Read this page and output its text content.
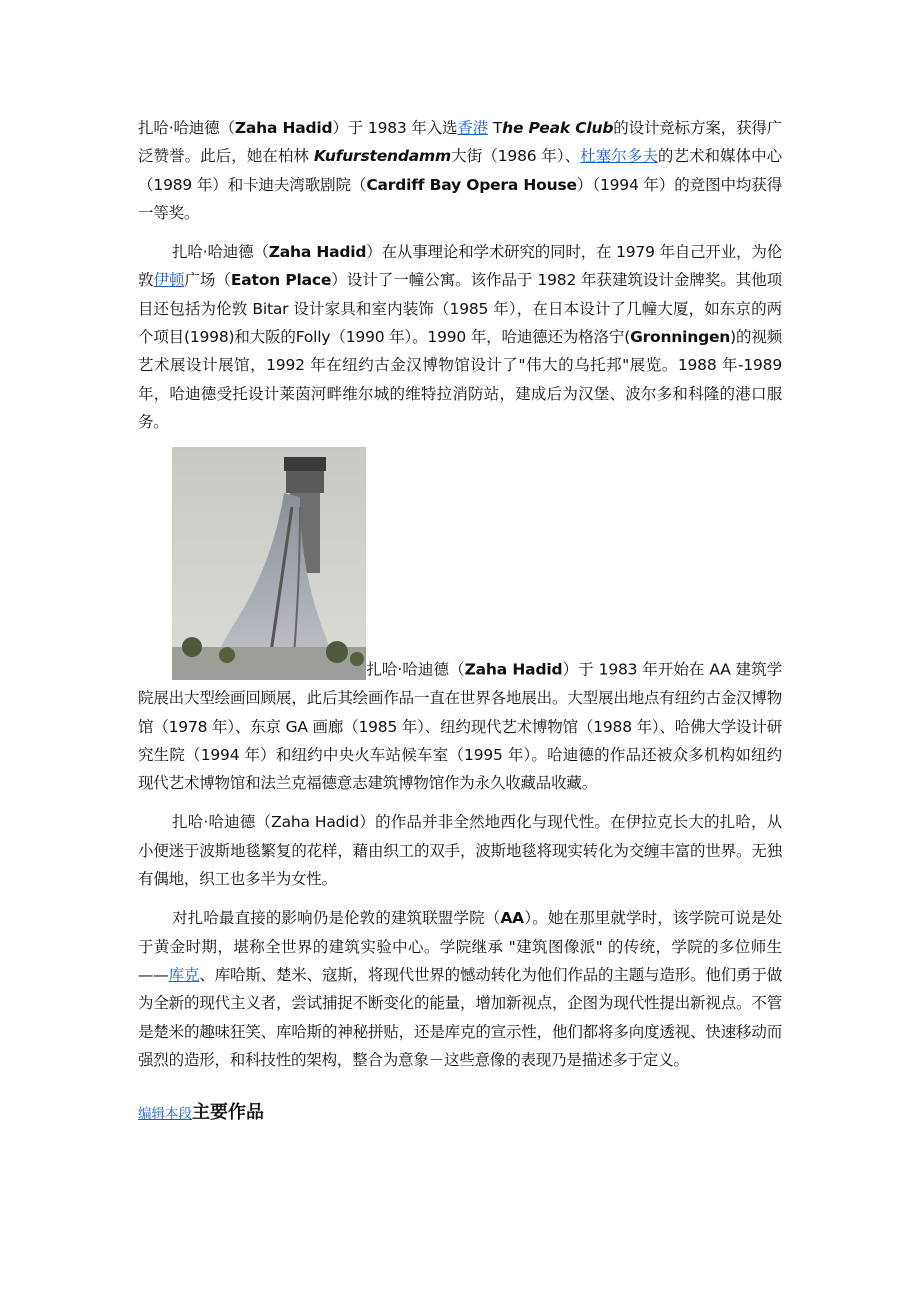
扎哈·哈迪德（Zaha Hadid）于 1983 年入选香港 The Peak Club的设计竞标方案，获得广泛赞誉。此后，她在柏林 Kufurstendamm大街（1986 年）、杜塞尔多夫的艺术和媒体中心（1989 年）和卡迪夫湾歌剧院（Cardiff Bay Opera House）（1994 年）的竞图中均获得一等奖。

扎哈·哈迪德（Zaha Hadid）在从事理论和学术研究的同时，在 1979 年自己开业，为伦敦伊顿广场（Eaton Place）设计了一幢公寓。该作品于 1982 年获建筑设计金牌奖。其他项目还包括为伦敦 Bitar 设计家具和室内装饰（1985 年），在日本设计了几幢大厦，如东京的两个项目(1998)和大阪的Folly（1990 年）。1990 年，哈迪德还为格洛宁(Gronningen)的视频艺术展设计展馆，1992 年在纽约古金汉博物馆设计了"伟大的乌托邦"展览。1988 年-1989 年，哈迪德受托设计莱茵河畔维尔城的维特拉消防站，建成后为汉堡、波尔多和科隆的港口服务。

扎哈·哈迪德（Zaha Hadid）于 1983 年开始在 AA 建筑学院展出大型绘画回顾展，此后其绘画作品一直在世界各地展出。大型展出地点有纽约古金汉博物馆（1978 年）、东京 GA 画廊（1985 年）、纽约现代艺术博物馆（1988 年）、哈佛大学设计研究生院（1994 年）和纽约中央火车站候车室（1995 年）。哈迪德的作品还被众多机构如纽约现代艺术博物馆和法兰克福德意志建筑博物馆作为永久收藏品收藏。

扎哈·哈迪德（Zaha Hadid）的作品并非全然地西化与现代性。在伊拉克长大的扎哈，从小便迷于波斯地毯繁复的花样，藉由织工的双手，波斯地毯将现实转化为交缠丰富的世界。无独有偶地，织工也多半为女性。

对扎哈最直接的影响仍是伦敦的建筑联盟学院（AA）。她在那里就学时，该学院可说是处于黄金时期，堪称全世界的建筑实验中心。学院继承 "建筑图像派" 的传统，学院的多位师生——库克、库哈斯、楚米、寇斯，将现代世界的憾动转化为他们作品的主题与造形。他们勇于做为全新的现代主义者，尝试捕捉不断变化的能量，增加新视点，企图为现代性提出新视点。不管是楚米的趣味狂笑、库哈斯的神秘拼贴，还是库克的宣示性，他们都将多向度透视、快速移动而强烈的造形，和科技性的架构，整合为意象－这些意像的表现乃是描述多于定义。

编辑本段主要作品
